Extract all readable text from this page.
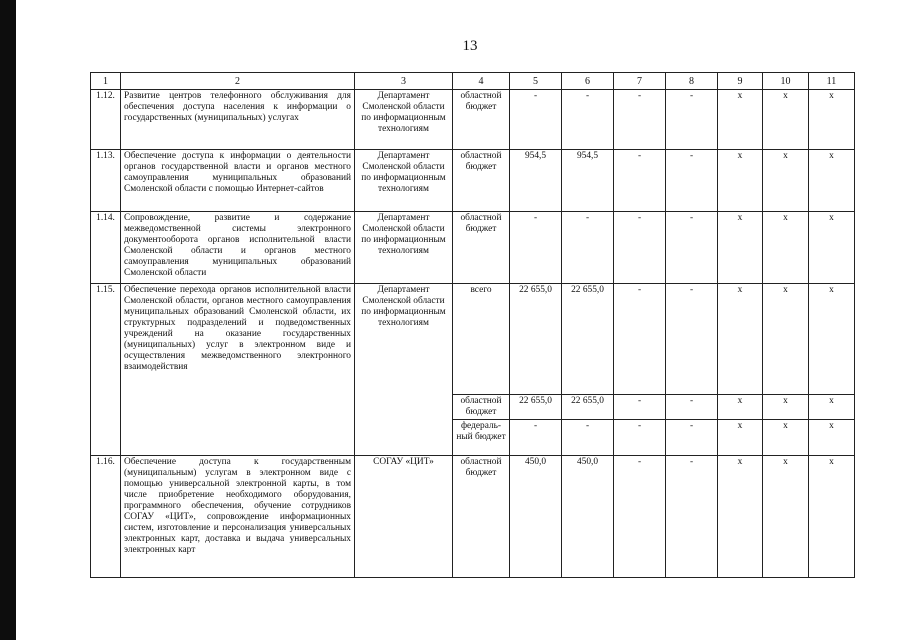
13
1	2	3	4	5	6	7	8	9	10	11
1.12.	Развитие центров телефонного обслуживания для обеспечения доступа населения к информации о государственных (муниципальных) услугах	Департамент Смоленской области по информационным технологиям	областной бюджет	-	-	-	-	x	x	x
1.13.	Обеспечение доступа к информации о деятельности органов государственной власти и органов местного самоуправления муниципальных образований Смоленской области с помощью Интернет-сайтов	Департамент Смоленской области по информационным технологиям	областной бюджет	954,5	954,5	-	-	x	x	x
1.14.	Сопровождение, развитие и содержание межведомственной системы электронного документооборота органов исполнительной власти Смоленской области и органов местного самоуправления муниципальных образований Смоленской области	Департамент Смоленской области по информационным технологиям	областной бюджет	-	-	-	-	x	x	x
1.15.	Обеспечение перехода органов исполнительной власти Смоленской области, органов местного самоуправления муниципальных образований Смоленской области, их структурных подразделений и подведомственных учреждений на оказание государственных (муниципальных) услуг в электронном виде и осуществления межведомственного электронного взаимодействия	Департамент Смоленской области по информационным технологиям	всего	22 655,0	22 655,0	-	-	x	x	x
			областной бюджет	22 655,0	22 655,0	-	-	x	x	x
			федераль-ный бюджет	-	-	-	-	x	x	x
1.16.	Обеспечение доступа к государственным (муниципальным) услугам в электронном виде с помощью универсальной электронной карты, в том числе приобретение необходимого оборудования, программного обеспечения, обучение сотрудников СОГАУ «ЦИТ», сопровождение информационных систем, изготовление и персонализация универсальных электронных карт, доставка и выдача универсальных электронных карт	СОГАУ «ЦИТ»	областной бюджет	450,0	450,0	-	-	x	x	x
